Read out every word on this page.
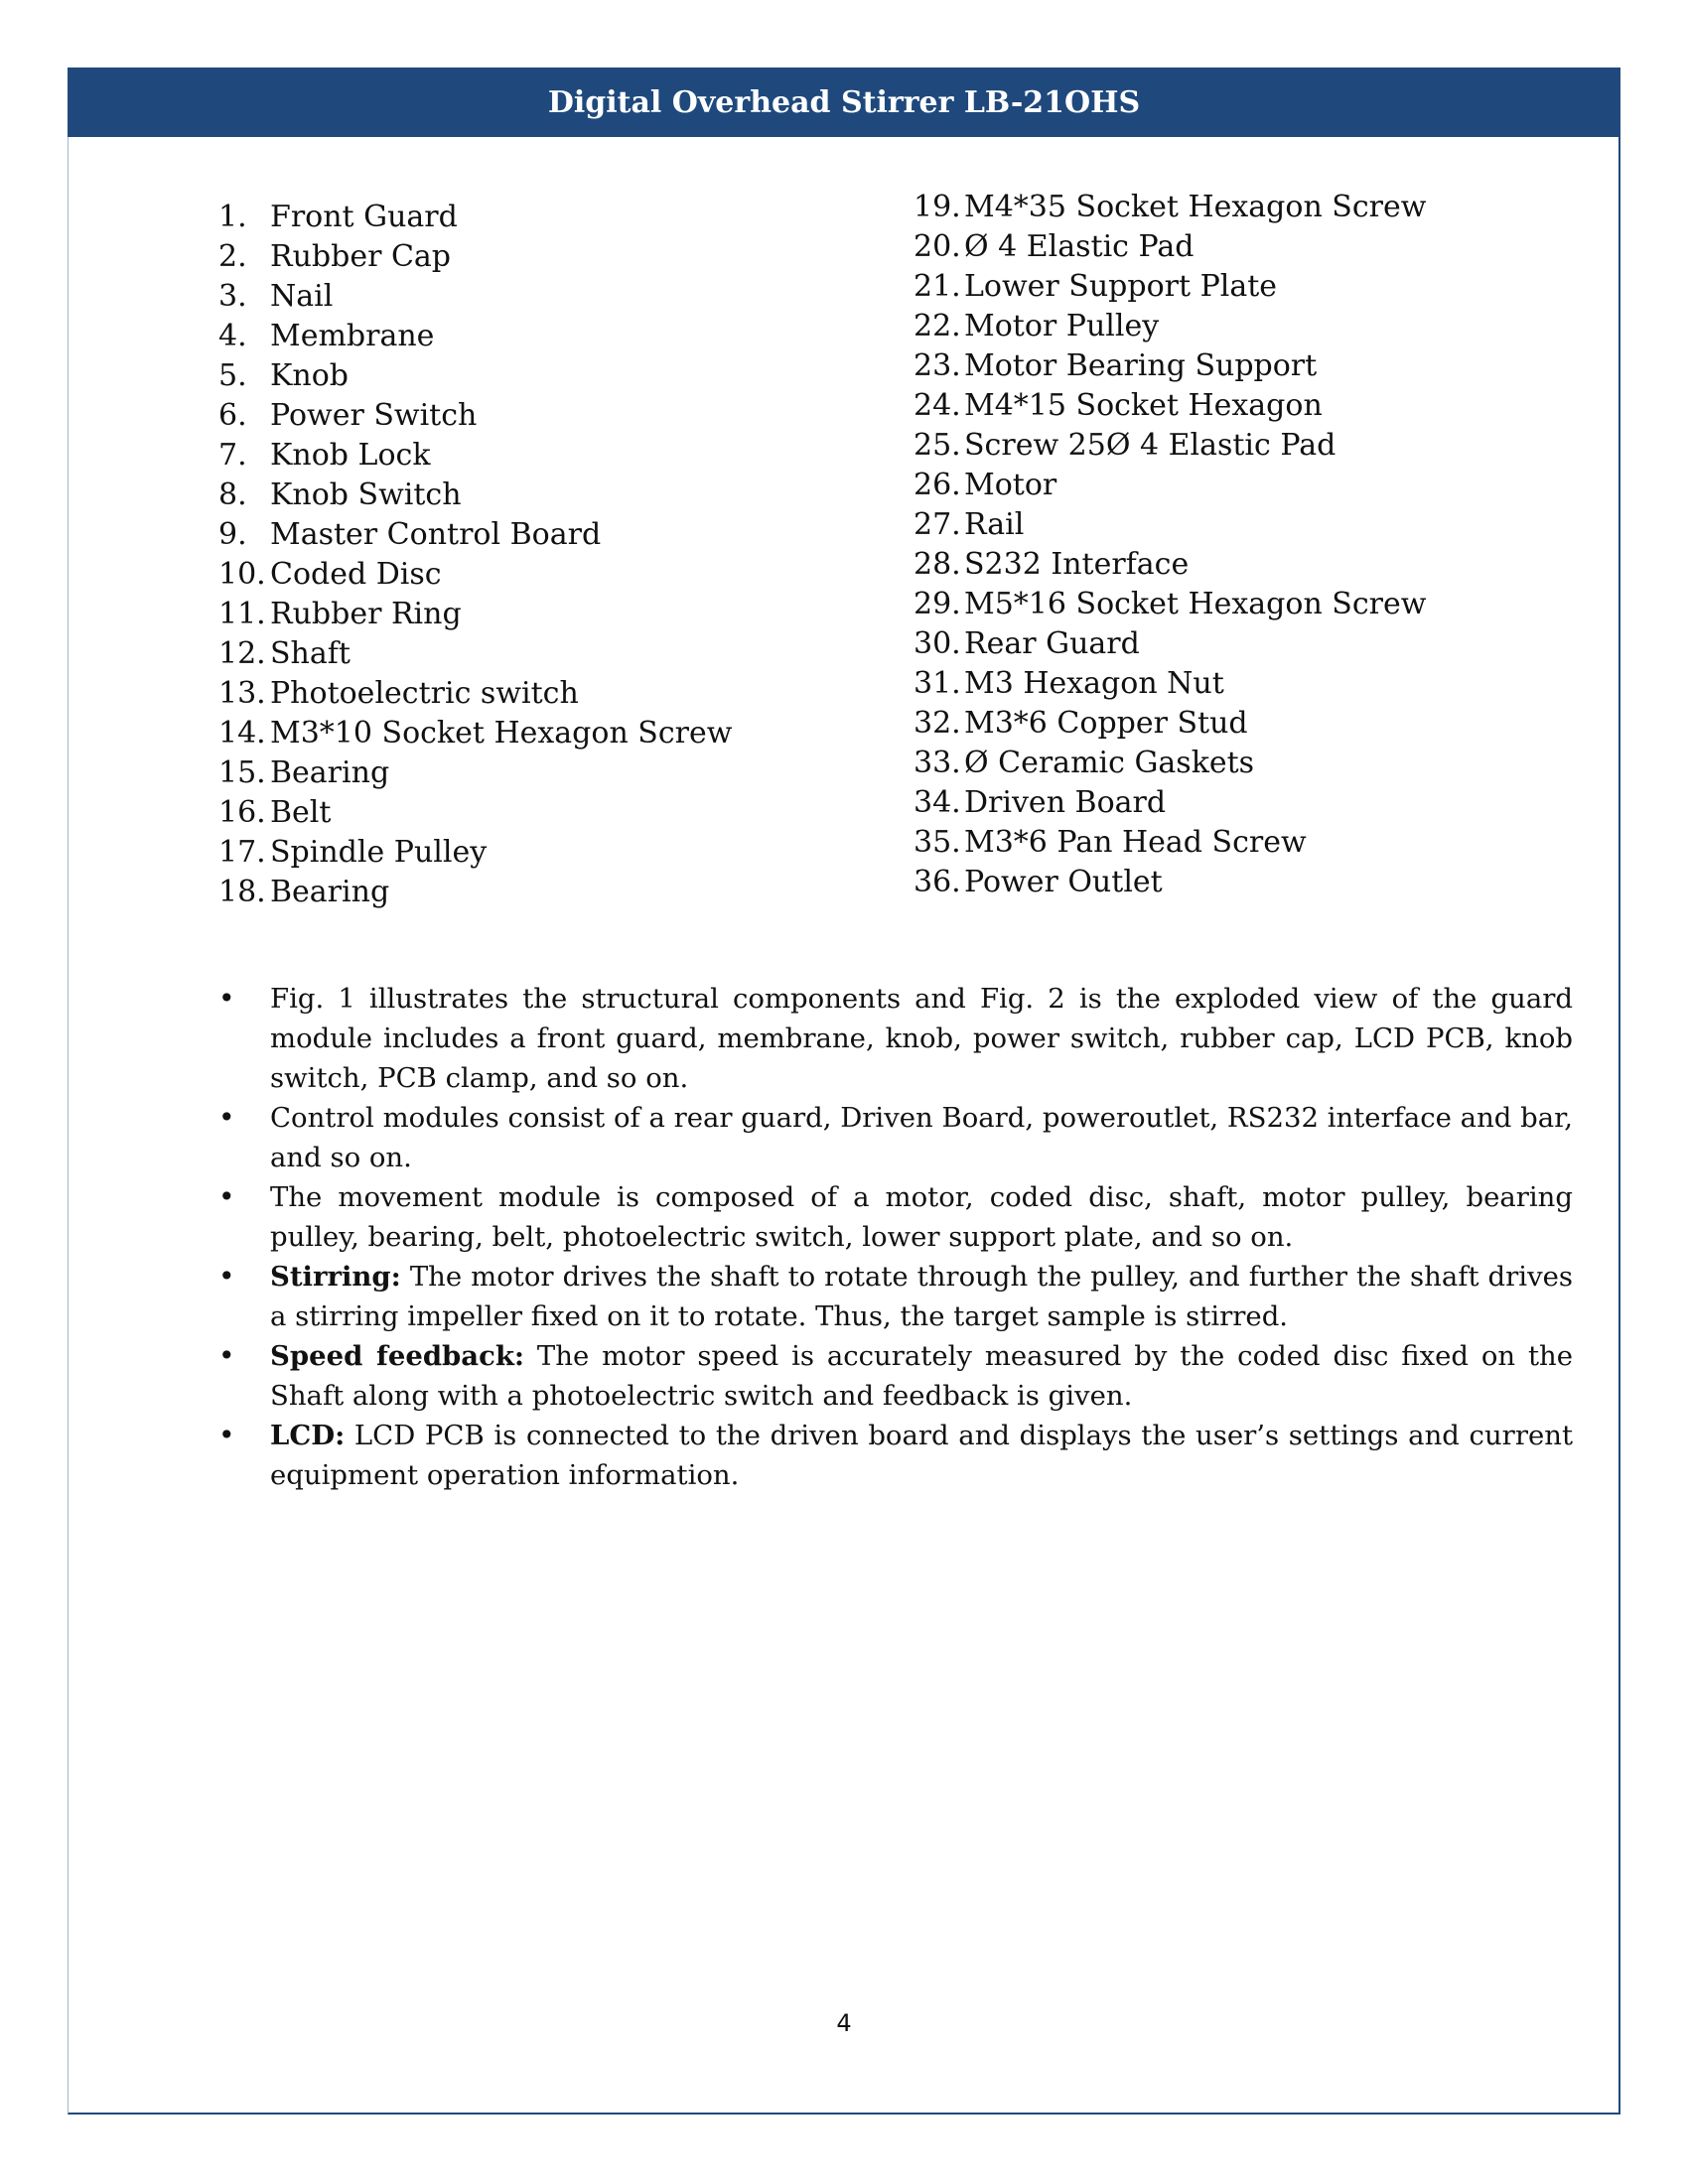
Digital Overhead Stirrer LB-21OHS
1. Front Guard
2. Rubber Cap
3. Nail
4. Membrane
5. Knob
6. Power Switch
7. Knob Lock
8. Knob Switch
9. Master Control Board
10. Coded Disc
11. Rubber Ring
12. Shaft
13. Photoelectric switch
14. M3*10 Socket Hexagon Screw
15. Bearing
16. Belt
17. Spindle Pulley
18. Bearing
19. M4*35 Socket Hexagon Screw
20. Ø 4 Elastic Pad
21. Lower Support Plate
22. Motor Pulley
23. Motor Bearing Support
24. M4*15 Socket Hexagon
25. Screw 25Ø 4 Elastic Pad
26. Motor
27. Rail
28. S232 Interface
29. M5*16 Socket Hexagon Screw
30. Rear Guard
31. M3 Hexagon Nut
32. M3*6 Copper Stud
33. Ø Ceramic Gaskets
34. Driven Board
35. M3*6 Pan Head Screw
36. Power Outlet
• Fig. 1 illustrates the structural components and Fig. 2 is the exploded view of the guard module includes a front guard, membrane, knob, power switch, rubber cap, LCD PCB, knob switch, PCB clamp, and so on.
• Control modules consist of a rear guard, Driven Board, poweroutlet, RS232 interface and bar, and so on.
• The movement module is composed of a motor, coded disc, shaft, motor pulley, bearing pulley, bearing, belt, photoelectric switch, lower support plate, and so on.
• Stirring: The motor drives the shaft to rotate through the pulley, and further the shaft drives a stirring impeller fixed on it to rotate. Thus, the target sample is stirred.
• Speed feedback: The motor speed is accurately measured by the coded disc fixed on the Shaft along with a photoelectric switch and feedback is given.
• LCD: LCD PCB is connected to the driven board and displays the user’s settings and current equipment operation information.
4
